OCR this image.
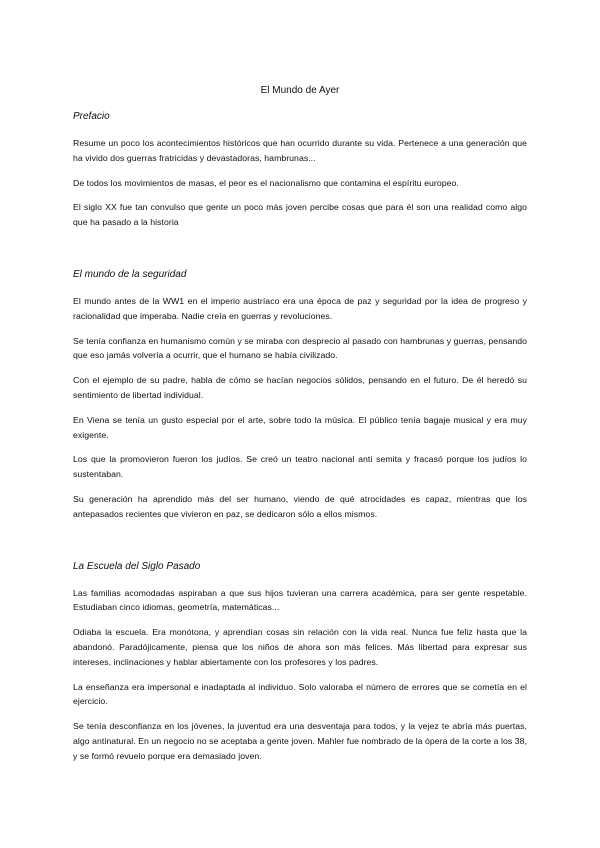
El Mundo de Ayer
Prefacio

Resume un poco los acontecimientos históricos que han ocurrido durante su vida. Pertenece a una generación que ha vivido dos guerras fratricidas y devastadoras, hambrunas...

De todos los movimientos de masas, el peor es el nacionalismo que contamina el espíritu europeo.

El siglo XX fue tan convulso que gente un poco más joven percibe cosas que para él son una realidad como algo que ha pasado a la historia

El mundo de la seguridad

El mundo antes de la WW1 en el imperio austríaco era una época de paz y seguridad por la idea de progreso y racionalidad que imperaba. Nadie creía en guerras y revoluciones.

Se tenía confianza en humanismo común y se miraba con desprecio al pasado con hambrunas y guerras, pensando que eso jamás volvería a ocurrir, que el humano se había civilizado.

Con el ejemplo de su padre, habla de cómo se hacían negocios sólidos, pensando en el futuro. De él heredó su sentimiento de libertad individual.

En Viena se tenía un gusto especial por el arte, sobre todo la música. El público tenía bagaje musical y era muy exigente.

Los que la promovieron fueron los judíos. Se creó un teatro nacional anti semita y fracasó porque los judíos lo sustentaban.

Su generación ha aprendido más del ser humano, viendo de qué atrocidades es capaz, mientras que los antepasados recientes que vivieron en paz, se dedicaron sólo a ellos mismos.

La Escuela del Siglo Pasado

Las familias acomodadas aspiraban a que sus hijos tuvieran una carrera académica, para ser gente respetable. Estudiaban cinco idiomas, geometría, matemáticas...

Odiaba la escuela. Era monótona, y aprendían cosas sin relación con la vida real. Nunca fue feliz hasta que la abandonó. Paradójicamente, piensa que los niños de ahora son más felices. Más libertad para expresar sus intereses, inclinaciones y hablar abiertamente con los profesores y los padres.

La enseñanza era impersonal e inadaptada al individuo. Solo valoraba el número de errores que se cometía en el ejercicio.

Se tenía desconfianza en los jóvenes, la juventud era una desventaja para todos, y la vejez te abría más puertas, algo antinatural. En un negocio no se aceptaba a gente joven. Mahler fue nombrado de la ópera de la corte a los 38, y se formó revuelo porque era demasiado joven.
